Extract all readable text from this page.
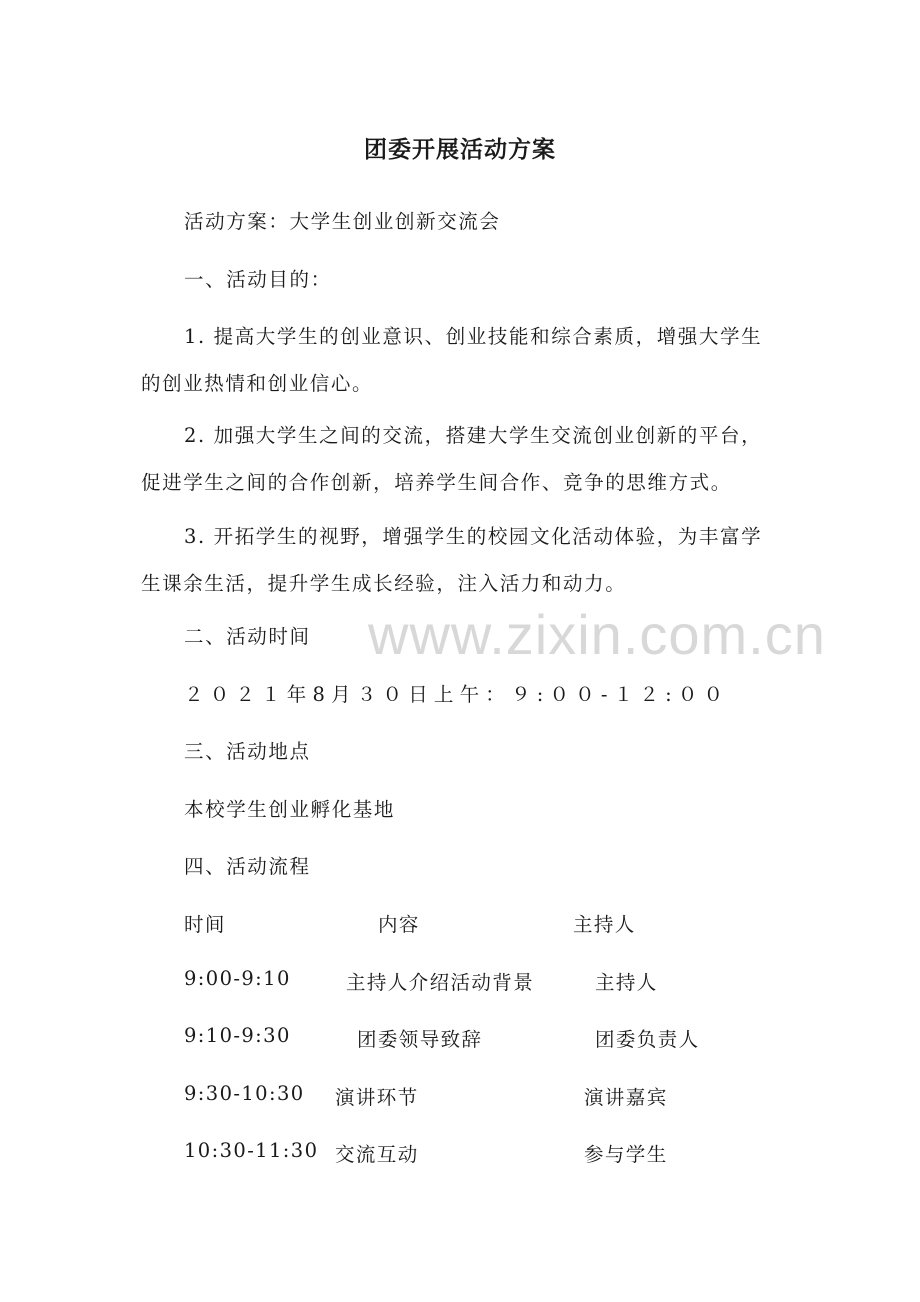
www.zixin.com.cn
团委开展活动方案
活动方案：大学生创业创新交流会
一、活动目的：

1. 提高大学生的创业意识、创业技能和综合素质，增强大学生的创业热情和创业信心。

2. 加强大学生之间的交流，搭建大学生交流创业创新的平台，促进学生之间的合作创新，培养学生间合作、竞争的思维方式。

3. 开拓学生的视野，增强学生的校园文化活动体验，为丰富学生课余生活，提升学生成长经验，注入活力和动力。

二、活动时间
２０２１年8月３０日上午：９:００-１２:００
三、活动地点
本校学生创业孵化基地
四、活动流程
时间	内容	主持人
9:00-9:10	主持人介绍活动背景	主持人
9:10-9:30	团委领导致辞	团委负责人
9:30-10:30 演讲环节	演讲嘉宾
10:30-11:30 交流互动	参与学生
